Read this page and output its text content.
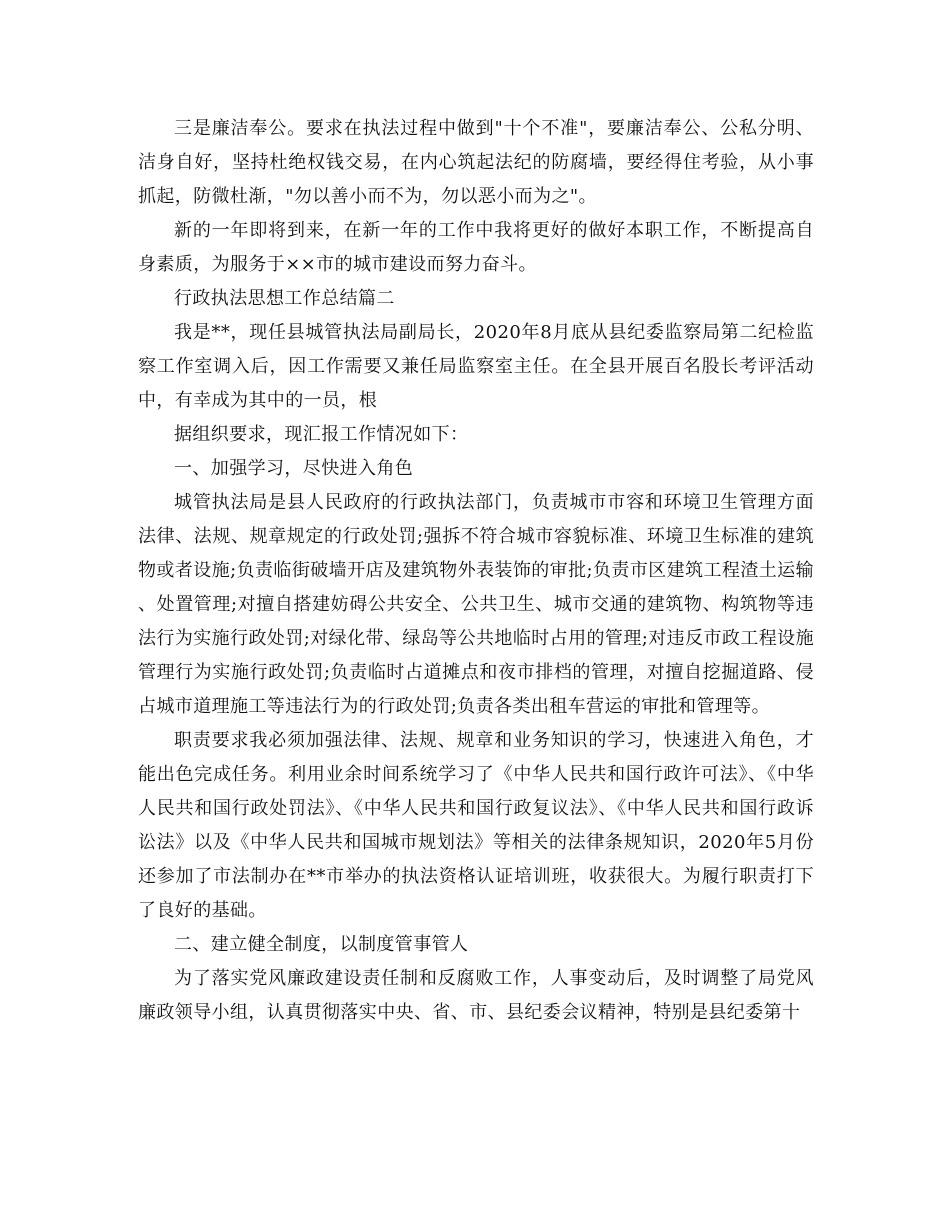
三是廉洁奉公。要求在执法过程中做到"十个不准"，要廉洁奉公、公私分明、洁身自好，坚持杜绝权钱交易，在内心筑起法纪的防腐墙，要经得住考验，从小事抓起，防微杜渐，"勿以善小而不为，勿以恶小而为之"。

新的一年即将到来，在新一年的工作中我将更好的做好本职工作，不断提高自身素质，为服务于××市的城市建设而努力奋斗。

行政执法思想工作总结篇二

我是**，现任县城管执法局副局长，2020年8月底从县纪委监察局第二纪检监察工作室调入后，因工作需要又兼任局监察室主任。在全县开展百名股长考评活动中，有幸成为其中的一员，根

据组织要求，现汇报工作情况如下：

一、加强学习，尽快进入角色

城管执法局是县人民政府的行政执法部门，负责城市市容和环境卫生管理方面法律、法规、规章规定的行政处罚;强拆不符合城市容貌标准、环境卫生标准的建筑物或者设施;负责临街破墙开店及建筑物外表装饰的审批;负责市区建筑工程渣土运输、处置管理;对擅自搭建妨碍公共安全、公共卫生、城市交通的建筑物、构筑物等违法行为实施行政处罚;对绿化带、绿岛等公共地临时占用的管理;对违反市政工程设施管理行为实施行政处罚;负责临时占道摊点和夜市排档的管理，对擅自挖掘道路、侵占城市道理施工等违法行为的行政处罚;负责各类出租车营运的审批和管理等。

职责要求我必须加强法律、法规、规章和业务知识的学习，快速进入角色，才能出色完成任务。利用业余时间系统学习了《中华人民共和国行政许可法》、《中华人民共和国行政处罚法》、《中华人民共和国行政复议法》、《中华人民共和国行政诉讼法》以及《中华人民共和国城市规划法》等相关的法律条规知识，2020年5月份还参加了市法制办在**市举办的执法资格认证培训班，收获很大。为履行职责打下了良好的基础。

二、建立健全制度，以制度管事管人

为了落实党风廉政建设责任制和反腐败工作，人事变动后，及时调整了局党风廉政领导小组，认真贯彻落实中央、省、市、县纪委会议精神，特别是县纪委第十
